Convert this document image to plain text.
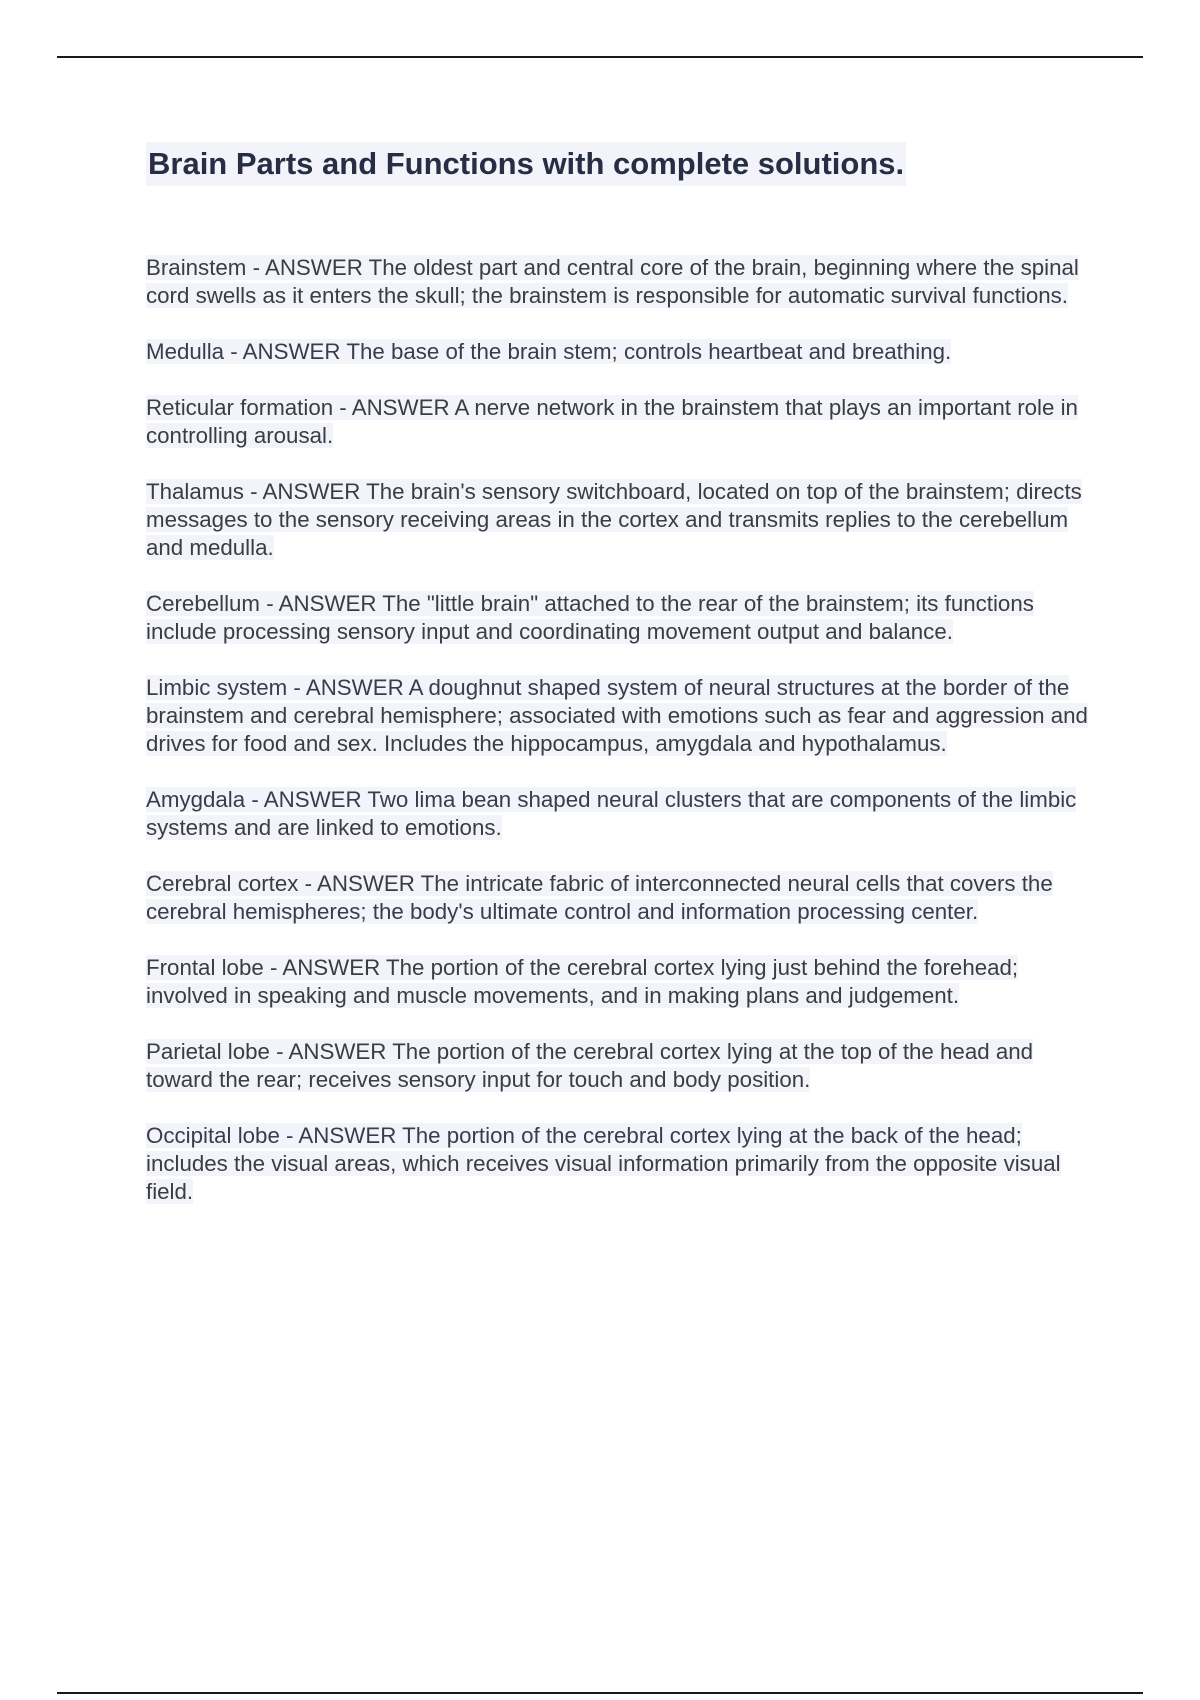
Brain Parts and Functions with complete solutions.

Brainstem - ANSWER The oldest part and central core of the brain, beginning where the spinal cord swells as it enters the skull; the brainstem is responsible for automatic survival functions.

Medulla - ANSWER The base of the brain stem; controls heartbeat and breathing.

Reticular formation - ANSWER A nerve network in the brainstem that plays an important role in controlling arousal.

Thalamus - ANSWER The brain's sensory switchboard, located on top of the brainstem; directs messages to the sensory receiving areas in the cortex and transmits replies to the cerebellum and medulla.

Cerebellum - ANSWER The "little brain" attached to the rear of the brainstem; its functions include processing sensory input and coordinating movement output and balance.

Limbic system - ANSWER A doughnut shaped system of neural structures at the border of the brainstem and cerebral hemisphere; associated with emotions such as fear and aggression and drives for food and sex. Includes the hippocampus, amygdala and hypothalamus.

Amygdala - ANSWER Two lima bean shaped neural clusters that are components of the limbic systems and are linked to emotions.

Cerebral cortex - ANSWER The intricate fabric of interconnected neural cells that covers the cerebral hemispheres; the body's ultimate control and information processing center.

Frontal lobe - ANSWER The portion of the cerebral cortex lying just behind the forehead; involved in speaking and muscle movements, and in making plans and judgement.

Parietal lobe - ANSWER The portion of the cerebral cortex lying at the top of the head and toward the rear; receives sensory input for touch and body position.

Occipital lobe - ANSWER The portion of the cerebral cortex lying at the back of the head; includes the visual areas, which receives visual information primarily from the opposite visual field.
